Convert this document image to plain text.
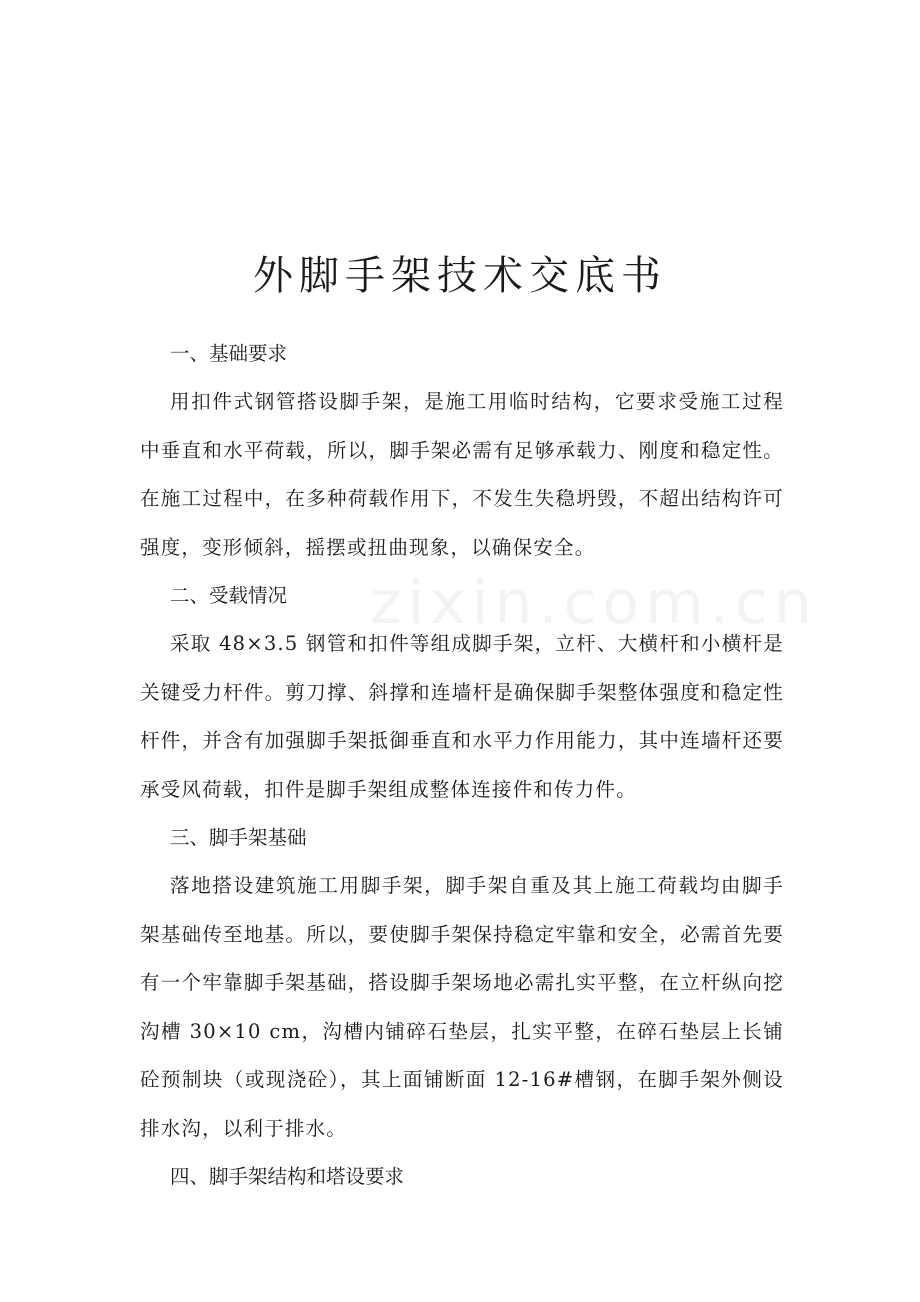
外脚手架技术交底书

一、基础要求

用扣件式钢管搭设脚手架，是施工用临时结构，它要求受施工过程中垂直和水平荷载，所以，脚手架必需有足够承载力、刚度和稳定性。在施工过程中，在多种荷载作用下，不发生失稳坍毁，不超出结构许可强度，变形倾斜，摇摆或扭曲现象，以确保安全。

二、受载情况

采取 48×3.5 钢管和扣件等组成脚手架，立杆、大横杆和小横杆是关键受力杆件。剪刀撑、斜撑和连墙杆是确保脚手架整体强度和稳定性杆件，并含有加强脚手架抵御垂直和水平力作用能力，其中连墙杆还要承受风荷载，扣件是脚手架组成整体连接件和传力件。

三、脚手架基础

落地搭设建筑施工用脚手架，脚手架自重及其上施工荷载均由脚手架基础传至地基。所以，要使脚手架保持稳定牢靠和安全，必需首先要有一个牢靠脚手架基础，搭设脚手架场地必需扎实平整，在立杆纵向挖沟槽 30×10 cm，沟槽内铺碎石垫层，扎实平整，在碎石垫层上长铺砼预制块（或现浇砼），其上面铺断面 12-16#槽钢，在脚手架外侧设排水沟，以利于排水。

四、脚手架结构和塔设要求

zixin.com.cn
